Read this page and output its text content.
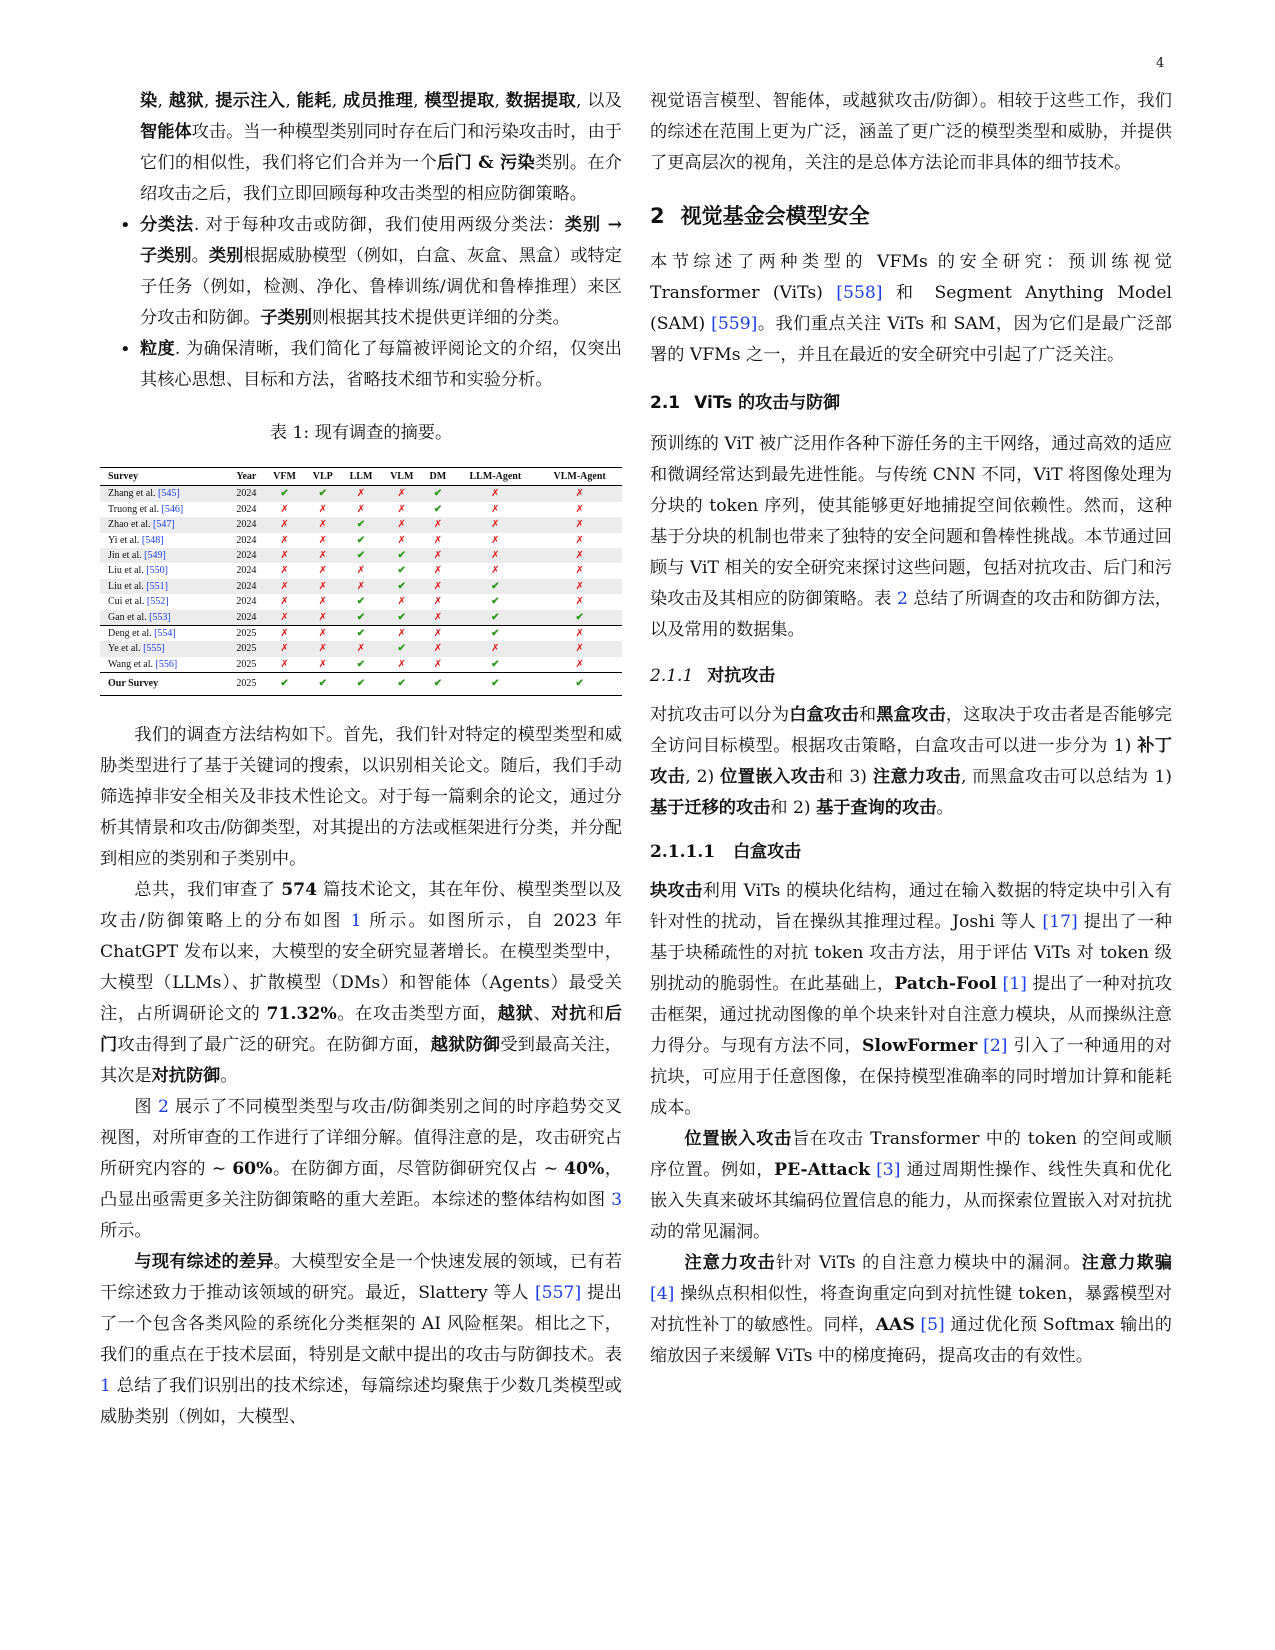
4

染, 越狱, 提示注入, 能耗, 成员推理, 模型提取, 数据提取, 以及智能体攻击。当一种模型类别同时存在后门和污染攻击时，由于它们的相似性，我们将它们合并为一个后门 & 污染类别。在介绍攻击之后，我们立即回顾每种攻击类型的相应防御策略。

• 分类法. 对于每种攻击或防御，我们使用两级分类法：类别 → 子类别。类别根据威胁模型（例如，白盒、灰盒、黑盒）或特定子任务（例如，检测、净化、鲁棒训练/调优和鲁棒推理）来区分攻击和防御。子类别则根据其技术提供更详细的分类。
• 粒度. 为确保清晰，我们简化了每篇被评阅论文的介绍，仅突出其核心思想、目标和方法，省略技术细节和实验分析。
表 1: 现有调查的摘要。
Survey	Year	VFM	VLP	LLM	VLM	DM	LLM-Agent	VLM-Agent
Zhang et al. [545]	2024	✔	✔	✗	✗	✔	✗	✗
Truong et al. [546]	2024	✗	✗	✗	✗	✔	✗	✗
Zhao et al. [547]	2024	✗	✗	✔	✗	✗	✗	✗
Yi et al. [548]	2024	✗	✗	✔	✗	✗	✗	✗
Jin et al. [549]	2024	✗	✗	✔	✔	✗	✗	✗
Liu et al. [550]	2024	✗	✗	✗	✔	✗	✗	✗
Liu et al. [551]	2024	✗	✗	✗	✔	✗	✔	✗
Cui et al. [552]	2024	✗	✗	✔	✗	✗	✔	✗
Gan et al. [553]	2024	✗	✗	✔	✔	✗	✔	✔
Deng et al. [554]	2025	✗	✗	✔	✗	✗	✔	✗
Ye et al. [555]	2025	✗	✗	✗	✔	✗	✗	✗
Wang et al. [556]	2025	✗	✗	✔	✗	✗	✔	✗
Our Survey	2025	✔	✔	✔	✔	✔	✔	✔

我们的调查方法结构如下。首先，我们针对特定的模型类型和威胁类型进行了基于关键词的搜索，以识别相关论文。随后，我们手动筛选掉非安全相关及非技术性论文。对于每一篇剩余的论文，通过分析其情景和攻击/防御类型，对其提出的方法或框架进行分类，并分配到相应的类别和子类别中。

总共，我们审查了 574 篇技术论文，其在年份、模型类型以及攻击/防御策略上的分布如图 1 所示。如图所示，自 2023 年 ChatGPT 发布以来，大模型的安全研究显著增长。在模型类型中，大模型（LLMs）、扩散模型（DMs）和智能体（Agents）最受关注，占所调研论文的 71.32%。在攻击类型方面，越狱、对抗和后门攻击得到了最广泛的研究。在防御方面，越狱防御受到最高关注，其次是对抗防御。

图 2 展示了不同模型类型与攻击/防御类别之间的时序趋势交叉视图，对所审查的工作进行了详细分解。值得注意的是，攻击研究占所研究内容的 ∼ 60%。在防御方面，尽管防御研究仅占 ∼ 40%，凸显出亟需更多关注防御策略的重大差距。本综述的整体结构如图 3 所示。

与现有综述的差异。大模型安全是一个快速发展的领域，已有若干综述致力于推动该领域的研究。最近，Slattery 等人 [557] 提出了一个包含各类风险的系统化分类框架的 AI 风险框架。相比之下，我们的重点在于技术层面，特别是文献中提出的攻击与防御技术。表 1 总结了我们识别出的技术综述，每篇综述均聚焦于少数几类模型或威胁类别（例如，大模型、

视觉语言模型、智能体，或越狱攻击/防御）。相较于这些工作，我们的综述在范围上更为广泛，涵盖了更广泛的模型类型和威胁，并提供了更高层次的视角，关注的是总体方法论而非具体的细节技术。

2 视觉基金会模型安全

本节综述了两种类型的 VFMs 的安全研究：预训练视觉 Transformer (ViTs) [558] 和 Segment Anything Model (SAM) [559]。我们重点关注 ViTs 和 SAM，因为它们是最广泛部署的 VFMs 之一，并且在最近的安全研究中引起了广泛关注。

2.1 ViTs 的攻击与防御

预训练的 ViT 被广泛用作各种下游任务的主干网络，通过高效的适应和微调经常达到最先进性能。与传统 CNN 不同，ViT 将图像处理为分块的 token 序列，使其能够更好地捕捉空间依赖性。然而，这种基于分块的机制也带来了独特的安全问题和鲁棒性挑战。本节通过回顾与 ViT 相关的安全研究来探讨这些问题，包括对抗攻击、后门和污染攻击及其相应的防御策略。表 2 总结了所调查的攻击和防御方法，以及常用的数据集。

2.1.1 对抗攻击

对抗攻击可以分为白盒攻击和黑盒攻击，这取决于攻击者是否能够完全访问目标模型。根据攻击策略，白盒攻击可以进一步分为 1) 补丁攻击, 2) 位置嵌入攻击和 3) 注意力攻击, 而黑盒攻击可以总结为 1) 基于迁移的攻击和 2) 基于查询的攻击。

2.1.1.1 白盒攻击

块攻击利用 ViTs 的模块化结构，通过在输入数据的特定块中引入有针对性的扰动，旨在操纵其推理过程。Joshi 等人 [17] 提出了一种基于块稀疏性的对抗 token 攻击方法，用于评估 ViTs 对 token 级别扰动的脆弱性。在此基础上，Patch-Fool [1] 提出了一种对抗攻击框架，通过扰动图像的单个块来针对自注意力模块，从而操纵注意力得分。与现有方法不同，SlowFormer [2] 引入了一种通用的对抗块，可应用于任意图像，在保持模型准确率的同时增加计算和能耗成本。

位置嵌入攻击旨在攻击 Transformer 中的 token 的空间或顺序位置。例如，PE-Attack [3] 通过周期性操作、线性失真和优化嵌入失真来破坏其编码位置信息的能力，从而探索位置嵌入对对抗扰动的常见漏洞。

注意力攻击针对 ViTs 的自注意力模块中的漏洞。注意力欺骗 [4] 操纵点积相似性，将查询重定向到对抗性键 token，暴露模型对对抗性补丁的敏感性。同样，AAS [5] 通过优化预 Softmax 输出的缩放因子来缓解 ViTs 中的梯度掩码，提高攻击的有效性。
